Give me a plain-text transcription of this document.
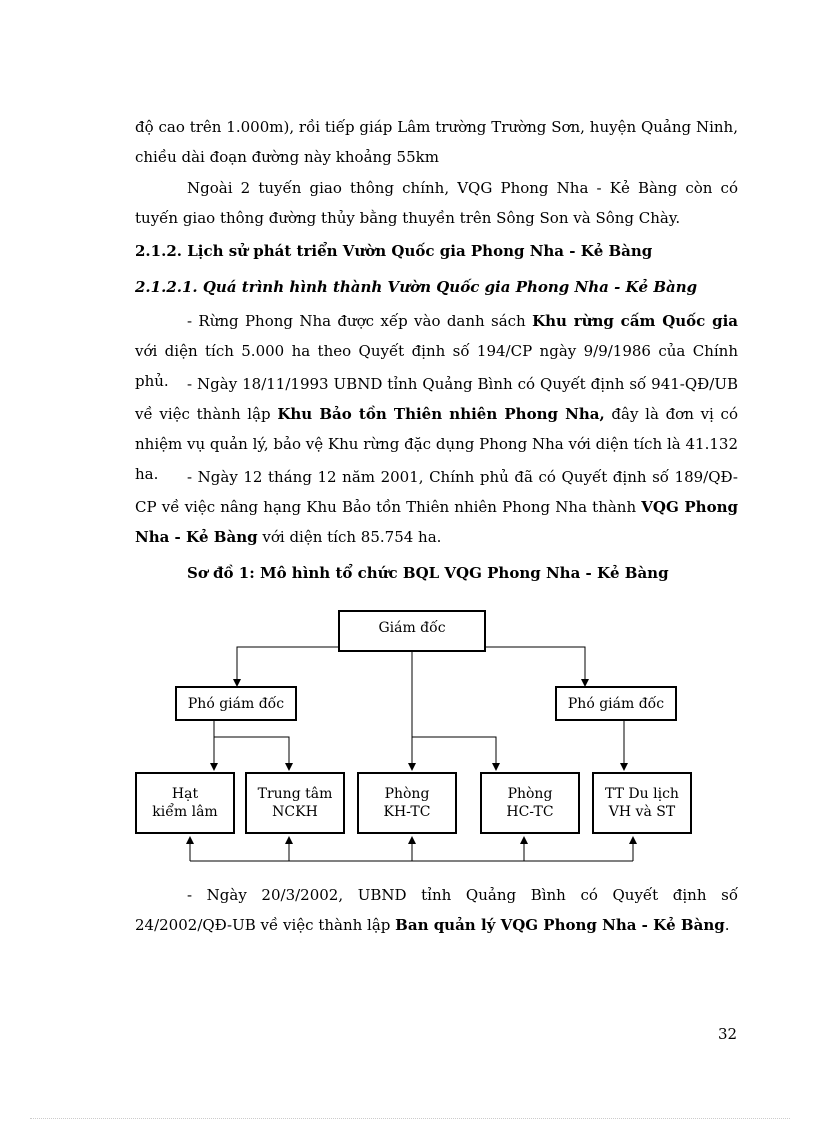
độ cao trên 1.000m), rồi tiếp giáp Lâm trường Trường Sơn, huyện Quảng Ninh, chiều dài đoạn đường này khoảng 55km

Ngoài 2 tuyến giao thông chính, VQG Phong Nha - Kẻ Bàng còn có tuyến giao thông đường thủy bằng thuyền trên Sông Son và Sông Chày.

2.1.2. Lịch sử phát triển Vườn Quốc gia Phong Nha - Kẻ Bàng

2.1.2.1. Quá trình hình thành Vườn Quốc gia Phong Nha - Kẻ Bàng

- Rừng Phong Nha được xếp vào danh sách Khu rừng cấm Quốc gia với diện tích 5.000 ha theo Quyết định số 194/CP ngày 9/9/1986 của Chính phủ.	- Ngày 18/11/1993 UBND tỉnh Quảng Bình có Quyết định số 941-QĐ/UB về việc thành lập Khu Bảo tồn Thiên nhiên Phong Nha, đây là đơn vị có nhiệm vụ quản lý, bảo vệ Khu rừng đặc dụng Phong Nha với diện tích là 41.132 ha.	- Ngày 12 tháng 12 năm 2001, Chính phủ đã có Quyết định số 189/QĐ-CP về việc nâng hạng Khu Bảo tồn Thiên nhiên Phong Nha thành VQG Phong Nha - Kẻ Bàng với diện tích 85.754 ha.

Sơ đồ 1: Mô hình tổ chức BQL VQG Phong Nha - Kẻ Bàng
Giám đốc
Phó giám đốc	Phó giám đốc
Hạt
kiểm lâm
Trung tâm
NCKH
Phòng
KH-TC
Phòng
HC-TC
TT Du lịch
VH và ST

- Ngày 20/3/2002, UBND tỉnh Quảng Bình có Quyết định số 24/2002/QĐ-UB về việc thành lập Ban quản lý VQG Phong Nha - Kẻ Bàng.

32
